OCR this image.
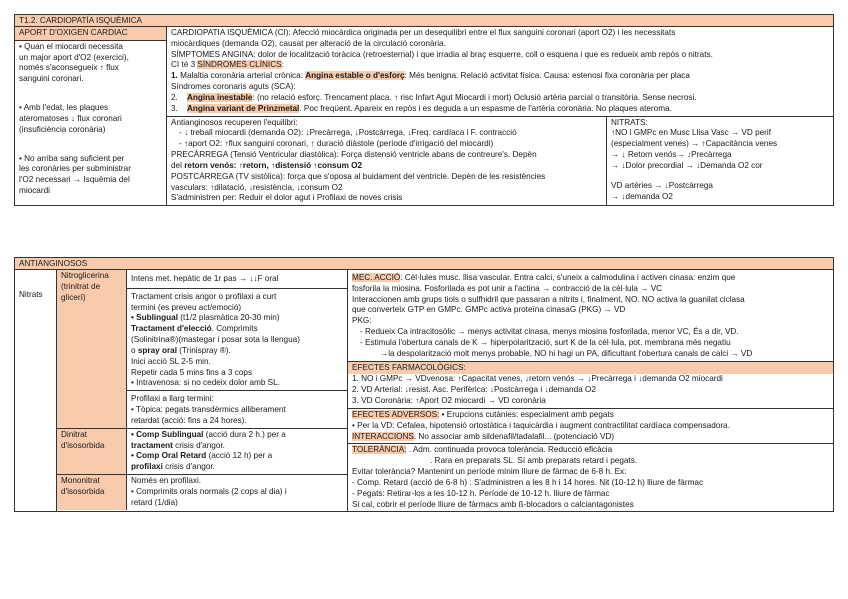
T1.2. CARDIOPATÍA ISQUÈMICA
APORT D'OXIGEN CARDIAC
• Quan el miocardi necessita
un major aport d'O2 (exercici),
només s'aconsegueix ↑ flux
sanguini coronari.
• Amb l'edat, les plaques
ateromatoses ↓ flux coronari
(insuficiència coronària)
• No arriba sang suficient per
les coronàries per subministrar
l'O2 necessari → Isquèmia del
miocardi
CARDIOPATIA ISQUÈMICA (CI): Afecció miocàrdica originada per un desequilibri entre el flux sanguini coronari (aport O2) i les necessitats
miocàrdiques (demanda O2), causat per alteració de la circulació coronària.
SÍMPTOMES ANGINA: dolor de localització toràcica (retroesternal) i que irradia al braç esquerre, coll o esquena i que es redueix amb repòs o nitrats.
CI té 3 SÍNDROMES CLÍNICS:
1. Malaltia coronària arterial crònica: Angina estable o d'esforç: Més benigna. Relació activitat física. Causa: estenosi fixa coronària per placa
Síndromes coronaris aguts (SCA):
2. Angina inestable: (no relació esforç. Trencament placa. ↑ risc Infart Agut Miocardi i mort) Oclusió artèria parcial o transitòria. Sense necrosi.
3. Angina variant de Prinzmetal. Poc freqüent. Apareix en repòs i es deguda a un espasme de l'artèria coronària. No plaques ateroma.
Antianginosos recuperen l'equilibri:
- ↓ treball miocardi (demanda O2): ↓Precàrrega, ↓Postcàrrega, ↓Freq. cardíaca i F. contracció
- ↑aport O2: ↑flux sanguini coronari, ↑ duració diàstole (període d'irrigació del miocardi)
PRECÀRREGA (Tensió Ventricular diastòlica): Força distensió ventricle abans de contreure's. Depèn
del retorn venós: ↑retorn, ↑distensió ↑consum O2
POSTCÀRREGA (TV sistòlica): força que s'oposa al buidament del ventricle. Depèn de les resistències
vasculars: ↑dilatació, ↓resistència, ↓consum O2
S'administren per: Reduir el dolor agut i Profilaxi de noves crisis
NITRATS:
↑NO i GMPc en Musc Llisa Vasc → VD perif
(especialment venes) → ↑Capacitància venes
→ ↓ Retorn venós→ ↓Precàrrega
→ ↓Dolor precordial → ↓Demanda O2 cor
VD artèries → ↓Postcàrrega
→ ↓demanda O2
ANTIANGINOSOS
Nitrats
Nitroglicerina
(trinitrat de
glicerí)
Intens met. hepàtic de 1r pas → ↓↓F oral
Tractament crisis angor o profilaxi a curt
termini (es preveu act/emoció)
• Sublingual (t1/2 plasmàtica 20-30 min)
Tractament d'elecció. Comprimits
(Solinitrina®)(mastegar i posar sota la llengua)
o spray oral (Trinispray ®).
Inici acció SL 2-5 min.
Repetir cada 5 mins fins a 3 cops
• Intravenosa: si no cedeix dolor amb SL.
Profilaxi a llarg termini:
• Tòpica: pegats transdèrmics alliberament
retardat (acció: fins a 24 hores).
Dinitrat
d'isosorbida
• Comp Sublingual (acció dura 2 h.) per a
tractament crisis d'angor.
• Comp Oral Retard (acció 12 h) per a
profilaxi crisis d'angor.
Mononitrat
d'isosorbida
Només en profilaxi.
• Comprimits orals normals (2 cops al dia) i
retard (1/dia)
MEC. ACCIÓ: Cèl·lules musc. llisa vascular. Entra calci, s'uneix a calmodulina i activen cinasa: enzim que
fosforila la miosina. Fosforilada es pot unir a l'actina → contracció de la cèl·lula → VC
Interaccionen amb grups tiols o sulfhidril que passaran a nitrits i, finalment, NO. NO activa la guanilat ciclasa
que converteix GTP en GMPc. GMPc activa proteïna cinasaG (PKG) → VD
PKG:
- Redueix Ca intracitosòlic → menys activitat cinasa, menys miosina fosforilada, menor VC, És a dir, VD.
- Estimula l'obertura canals de K → hiperpolarització, surt K de la cèl·lula, pot. membrana més negatiu
→la despolarització molt menys probable, NO hi hagi un PA, dificultant l'obertura canals de calci → VD
EFECTES FARMACOLÒGICS:
1. NO i GMPc → VDvenosa: ↑Capacitat venes, ↓retorn venós → ↓Precàrrega i ↓demanda O2 miocardi
2. VD Arterial: ↓resist. Asc. Perifèrica: ↓Postcàrrega i ↓demanda O2
3. VD Coronària: ↑Aport O2 miocardi → VD coronària
EFECTES ADVERSOS: • Erupcions cutànies: especialment amb pegats
• Per la VD: Cefalea, hipotensió ortostàtica i taquicàrdia i augment contractilitat cardíaca compensadora.
INTERACCIONS: No associar amb sildenafil/tadalafil... (potenciació VD)
TOLERÀNCIA: . Adm. continuada provoca tolerància. Reducció eficàcia
. Rara en preparats SL. Sí amb preparats retard i pegats.
Evitar tolerància? Mantenint un període mínim lliure de fàrmac de 6-8 h. Ex:
- Comp. Retard (acció de 6-8 h) : S'administren a les 8 h i 14 hores. Nit (10-12 h) lliure de fàrmac
- Pegats: Retirar-los a les 10-12 h. Període de 10-12 h. lliure de fàrmac
Si cal, cobrir el període lliure de fàrmacs amb ß-blocadors o calciantagonistes
